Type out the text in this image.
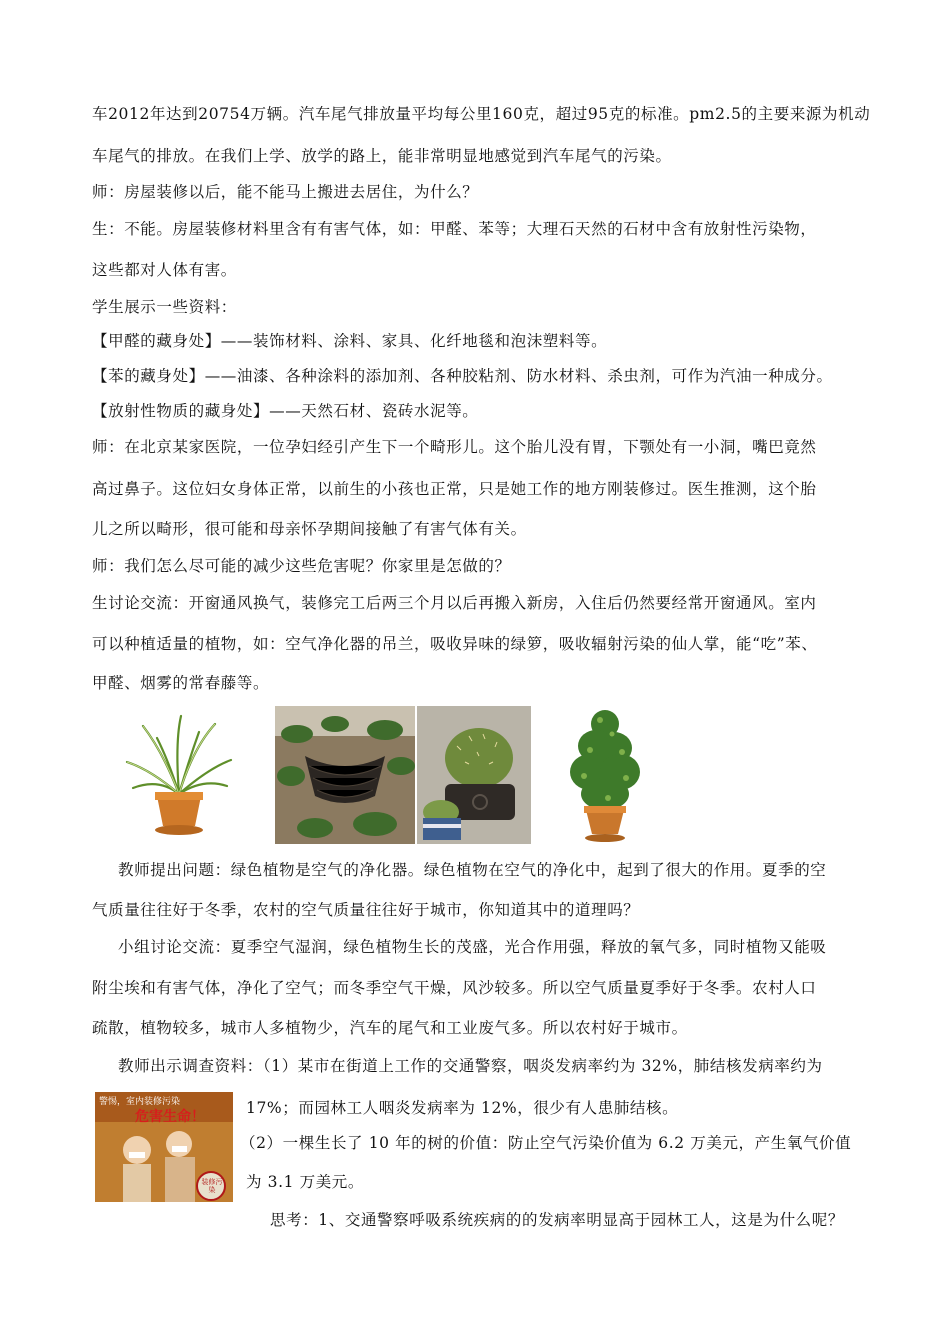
车2012年达到20754万辆。汽车尾气排放量平均每公里160克，超过95克的标准。pm2.5的主要来源为机动
车尾气的排放。在我们上学、放学的路上，能非常明显地感觉到汽车尾气的污染。
师：房屋装修以后，能不能马上搬进去居住，为什么？
生：不能。房屋装修材料里含有有害气体，如：甲醛、苯等；大理石天然的石材中含有放射性污染物，
这些都对人体有害。
学生展示一些资料：
【甲醛的藏身处】——装饰材料、涂料、家具、化纤地毯和泡沫塑料等。
【苯的藏身处】——油漆、各种涂料的添加剂、各种胶粘剂、防水材料、杀虫剂，可作为汽油一种成分。
【放射性物质的藏身处】——天然石材、瓷砖水泥等。
师：在北京某家医院，一位孕妇经引产生下一个畸形儿。这个胎儿没有胃，下颚处有一小洞，嘴巴竟然
高过鼻子。这位妇女身体正常，以前生的小孩也正常，只是她工作的地方刚装修过。医生推测，这个胎
儿之所以畸形，很可能和母亲怀孕期间接触了有害气体有关。
师：我们怎么尽可能的减少这些危害呢？你家里是怎做的？
生讨论交流：开窗通风换气，装修完工后两三个月以后再搬入新房，入住后仍然要经常开窗通风。室内
可以种植适量的植物，如：空气净化器的吊兰，吸收异味的绿箩，吸收辐射污染的仙人掌，能“吃”苯、
甲醛、烟雾的常春藤等。
教师提出问题：绿色植物是空气的净化器。绿色植物在空气的净化中，起到了很大的作用。夏季的空
气质量往往好于冬季，农村的空气质量往往好于城市，你知道其中的道理吗？
小组讨论交流：夏季空气湿润，绿色植物生长的茂盛，光合作用强，释放的氧气多，同时植物又能吸
附尘埃和有害气体，净化了空气；而冬季空气干燥，风沙较多。所以空气质量夏季好于冬季。农村人口
疏散，植物较多，城市人多植物少，汽车的尾气和工业废气多。所以农村好于城市。
教师出示调查资料：（1）某市在街道上工作的交通警察，咽炎发病率约为 32%，肺结核发病率约为
警惕，室内装修污染
危害生命！
装修污染
17%；而园林工人咽炎发病率为 12%，很少有人患肺结核。
（2）一棵生长了 10 年的树的价值：防止空气污染价值为 6.2 万美元，产生氧气价值
为 3.1 万美元。
思考：1、交通警察呼吸系统疾病的的发病率明显高于园林工人，这是为什么呢？
